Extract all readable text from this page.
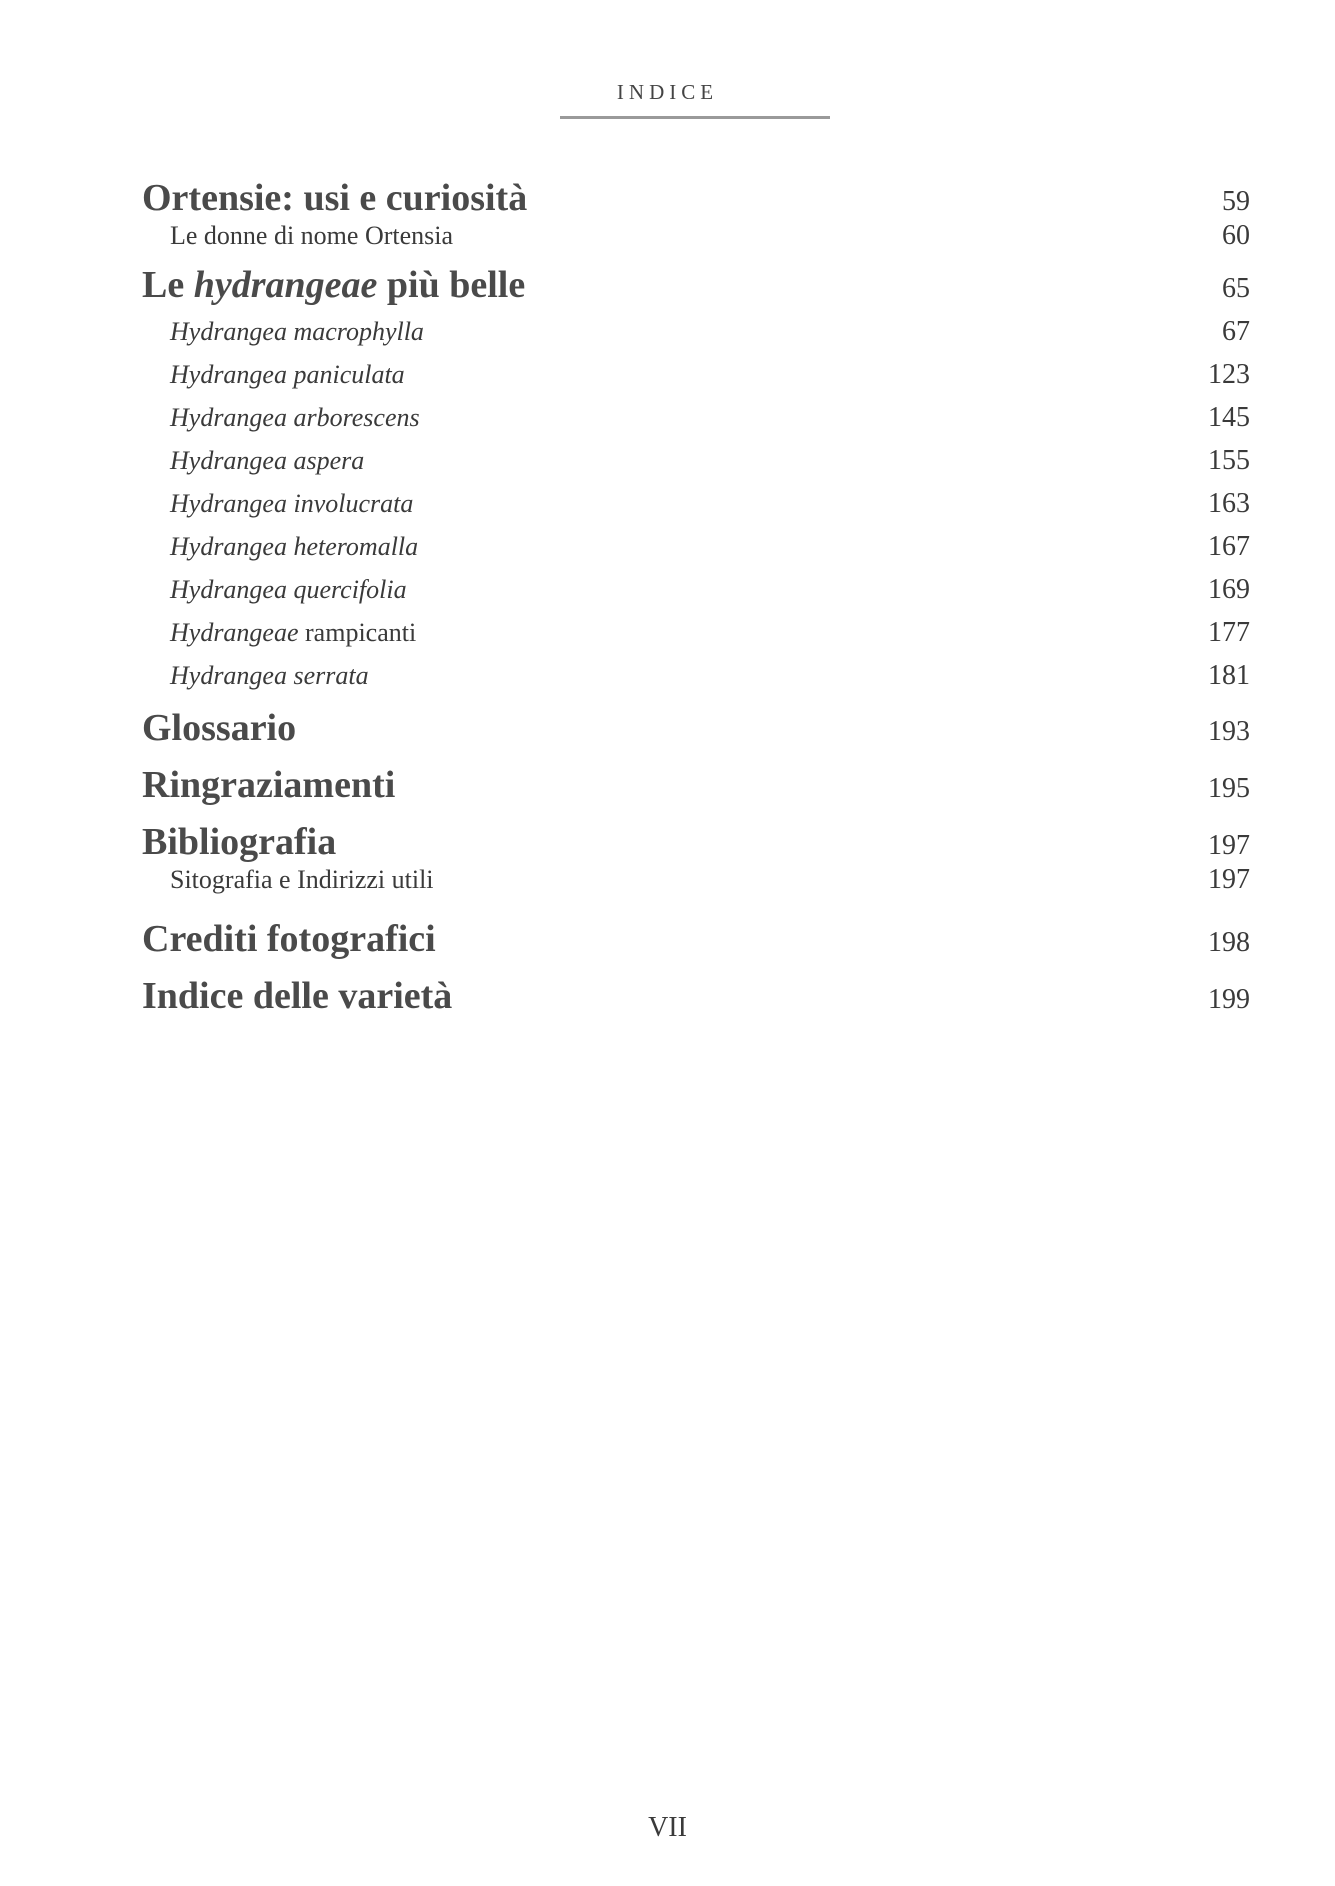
INDICE
Ortensie: usi e curiosità	59
Le donne di nome Ortensia	60
Le hydrangeae più belle	65
Hydrangea macrophylla	67
Hydrangea paniculata	123
Hydrangea arborescens	145
Hydrangea aspera	155
Hydrangea involucrata	163
Hydrangea heteromalla	167
Hydrangea quercifolia	169
Hydrangeae rampicanti	177
Hydrangea serrata	181
Glossario	193
Ringraziamenti	195
Bibliografia	197
Sitografia e Indirizzi utili	197
Crediti fotografici	198
Indice delle varietà	199
VII
